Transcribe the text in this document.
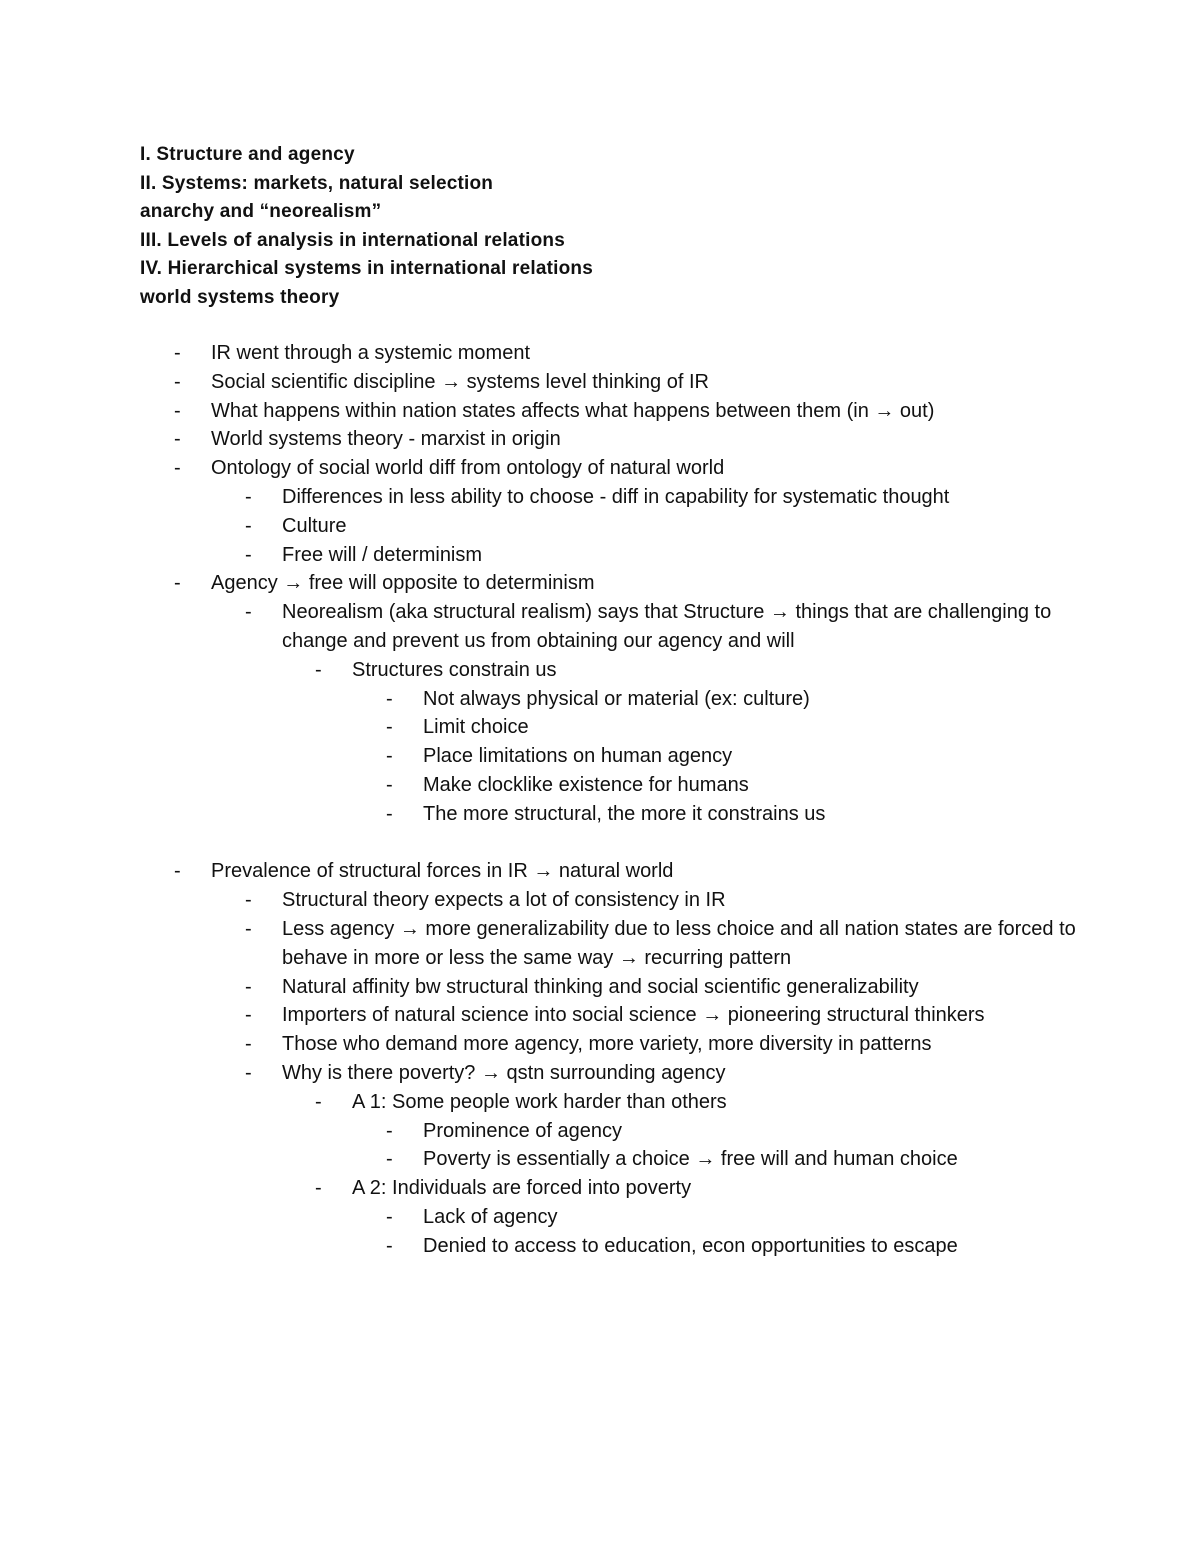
I. Structure and agency
II. Systems: markets, natural selection
anarchy and “neorealism”
III. Levels of analysis in international relations
IV. Hierarchical systems in international relations
world systems theory
-	IR went through a systemic moment
-	Social scientific discipline → systems level thinking of IR
-	What happens within nation states affects what happens between them (in → out)
-	World systems theory - marxist in origin
-	Ontology of social world diff from ontology of natural world
-	Differences in less ability to choose - diff in capability for systematic thought
-	Culture
-	Free will / determinism
-	Agency → free will opposite to determinism
-	Neorealism (aka structural realism) says that Structure → things that are challenging to change and prevent us from obtaining our agency and will
-	Structures constrain us
-	Not always physical or material (ex: culture)
-	Limit choice
-	Place limitations on human agency
-	Make clocklike existence for humans
-	The more structural, the more it constrains us
-	Prevalence of structural forces in IR → natural world
-	Structural theory expects a lot of consistency in IR
-	Less agency → more generalizability due to less choice and all nation states are forced to behave in more or less the same way → recurring pattern
-	Natural affinity bw structural thinking and social scientific generalizability
-	Importers of natural science into social science → pioneering structural thinkers
-	Those who demand more agency, more variety, more diversity in patterns
-	Why is there poverty? → qstn surrounding agency
-	A 1: Some people work harder than others
-	Prominence of agency
-	Poverty is essentially a choice → free will and human choice
-	A 2: Individuals are forced into poverty
-	Lack of agency
-	Denied to access to education, econ opportunities to escape
